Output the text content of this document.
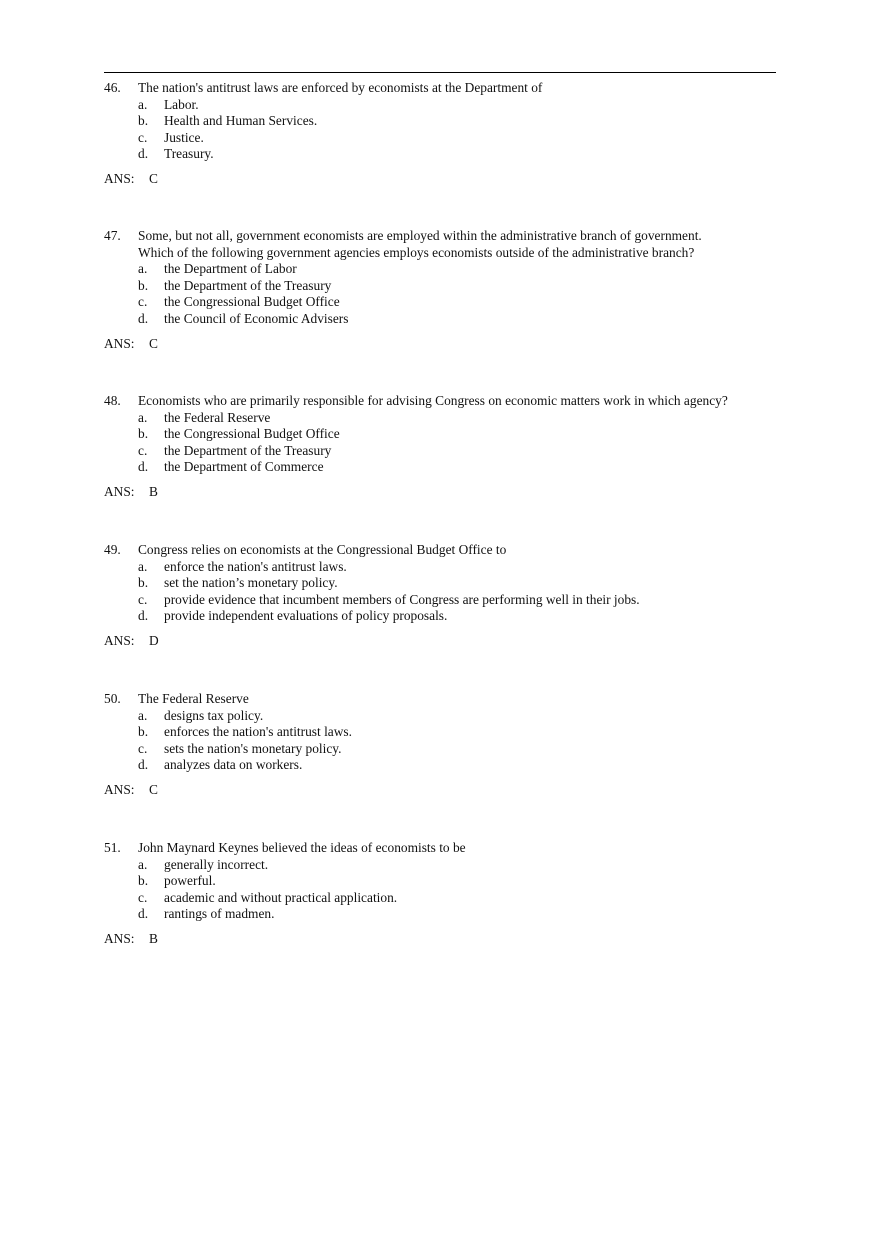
46. The nation's antitrust laws are enforced by economists at the Department of
a. Labor.
b. Health and Human Services.
c. Justice.
d. Treasury.
ANS: C
47. Some, but not all, government economists are employed within the administrative branch of government.
Which of the following government agencies employs economists outside of the administrative branch?
a. the Department of Labor
b. the Department of the Treasury
c. the Congressional Budget Office
d. the Council of Economic Advisers
ANS: C
48. Economists who are primarily responsible for advising Congress on economic matters work in which agency?
a. the Federal Reserve
b. the Congressional Budget Office
c. the Department of the Treasury
d. the Department of Commerce
ANS: B
49. Congress relies on economists at the Congressional Budget Office to
a. enforce the nation's antitrust laws.
b. set the nation’s monetary policy.
c. provide evidence that incumbent members of Congress are performing well in their jobs.
d. provide independent evaluations of policy proposals.
ANS: D
50. The Federal Reserve
a. designs tax policy.
b. enforces the nation's antitrust laws.
c. sets the nation's monetary policy.
d. analyzes data on workers.
ANS: C
51. John Maynard Keynes believed the ideas of economists to be
a. generally incorrect.
b. powerful.
c. academic and without practical application.
d. rantings of madmen.
ANS: B
